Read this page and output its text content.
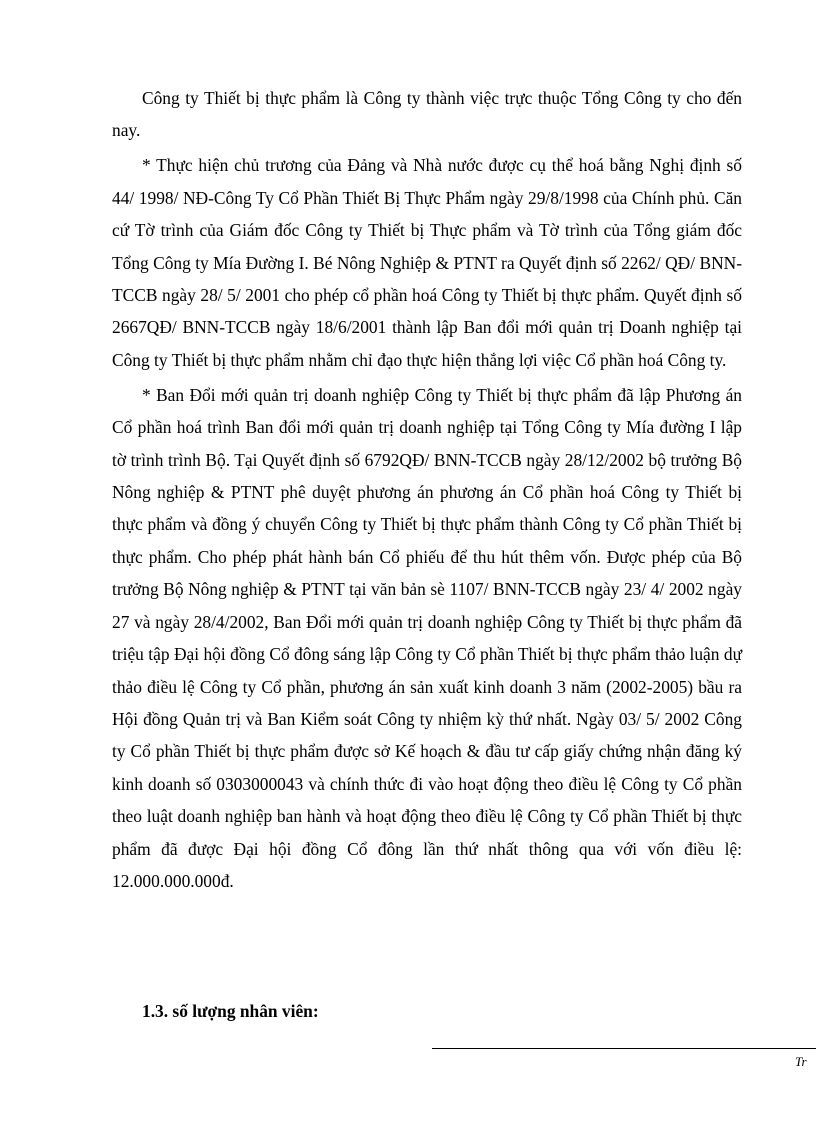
Công ty Thiết bị thực phẩm là Công ty thành việc trực thuộc Tổng Công ty cho đến nay.

* Thực hiện chủ trương của Đảng và Nhà nước được cụ thể hoá bằng Nghị định số 44/ 1998/ NĐ-Công Ty Cổ Phần Thiết Bị Thực Phẩm ngày 29/8/1998 của Chính phủ. Căn cứ Tờ trình của Giám đốc Công ty Thiết bị Thực phẩm và Tờ trình của Tổng giám đốc Tổng Công ty Mía Đường I. Bé Nông Nghiệp & PTNT ra Quyết định số 2262/ QĐ/ BNN-TCCB ngày 28/ 5/ 2001 cho phép cổ phần hoá Công ty Thiết bị thực phẩm. Quyết định số 2667QĐ/ BNN-TCCB ngày 18/6/2001 thành lập Ban đổi mới quản trị Doanh nghiệp tại Công ty Thiết bị thực phẩm nhằm chỉ đạo thực hiện thắng lợi việc Cổ phần hoá Công ty.

* Ban Đổi mới quản trị doanh nghiệp Công ty Thiết bị thực phẩm đã lập Phương án Cổ phần hoá trình Ban đổi mới quản trị doanh nghiệp tại Tổng Công ty Mía đường I lập tờ trình trình Bộ. Tại Quyết định số 6792QĐ/ BNN-TCCB ngày 28/12/2002 bộ trưởng Bộ Nông nghiệp & PTNT phê duyệt phương án phương án Cổ phần hoá Công ty Thiết bị thực phẩm và đồng ý chuyển Công ty Thiết bị thực phẩm thành Công ty Cổ phần Thiết bị thực phẩm. Cho phép phát hành bán Cổ phiếu để thu hút thêm vốn. Được phép của Bộ trưởng Bộ Nông nghiệp & PTNT tại văn bản sè 1107/ BNN-TCCB ngày 23/ 4/ 2002 ngày 27 và ngày 28/4/2002, Ban Đổi mới quản trị doanh nghiệp Công ty Thiết bị thực phẩm đã triệu tập Đại hội đồng Cổ đông sáng lập Công ty Cổ phần Thiết bị thực phẩm thảo luận dự thảo điều lệ Công ty Cổ phần, phương án sản xuất kinh doanh 3 năm (2002-2005) bầu ra Hội đồng Quản trị và Ban Kiểm soát Công ty nhiệm kỳ thứ nhất. Ngày 03/ 5/ 2002 Công ty Cổ phần Thiết bị thực phẩm được sở Kế hoạch & đầu tư cấp giấy chứng nhận đăng ký kinh doanh số 0303000043 và chính thức đi vào hoạt động theo điều lệ Công ty Cổ phần theo luật doanh nghiệp ban hành và hoạt động theo điều lệ Công ty Cổ phần Thiết bị thực phẩm đã được Đại hội đồng Cổ đông lần thứ nhất thông qua với vốn điều lệ: 12.000.000.000đ.

1.3. số lượng nhân viên:
Tr
